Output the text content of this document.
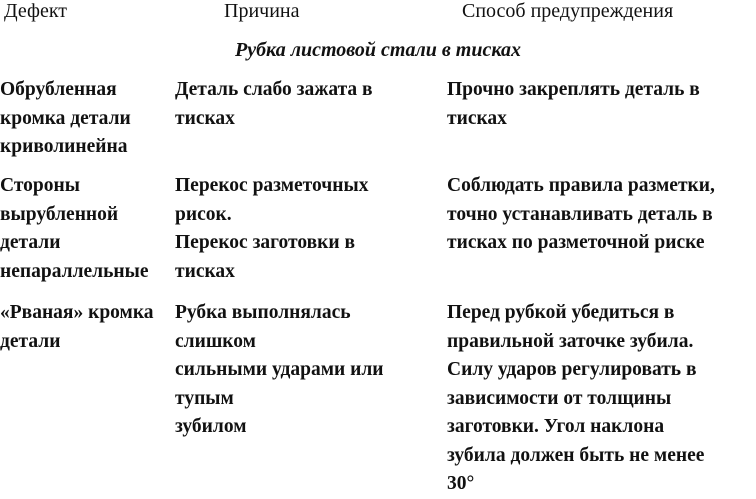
Дефект	Причина	Способ предупреждения
Рубка листовой стали в тисках
Обрубленная
кромка детали
криволинейна
Деталь слабо зажата в
тисках
Прочно закреплять деталь в
тисках
Стороны
вырубленной
детали
непараллельные
Перекос разметочных
рисок.
Перекос заготовки в
тисках
Соблюдать правила разметки,
точно устанавливать деталь в
тисках по разметочной риске
«Рваная» кромка
детали
Рубка выполнялась
слишком
сильными ударами или
тупым
зубилом
Перед рубкой убедиться в
правильной заточке зубила.
Силу ударов регулировать в
зависимости от толщины
заготовки. Угол наклона
зубила должен быть не менее
30°
